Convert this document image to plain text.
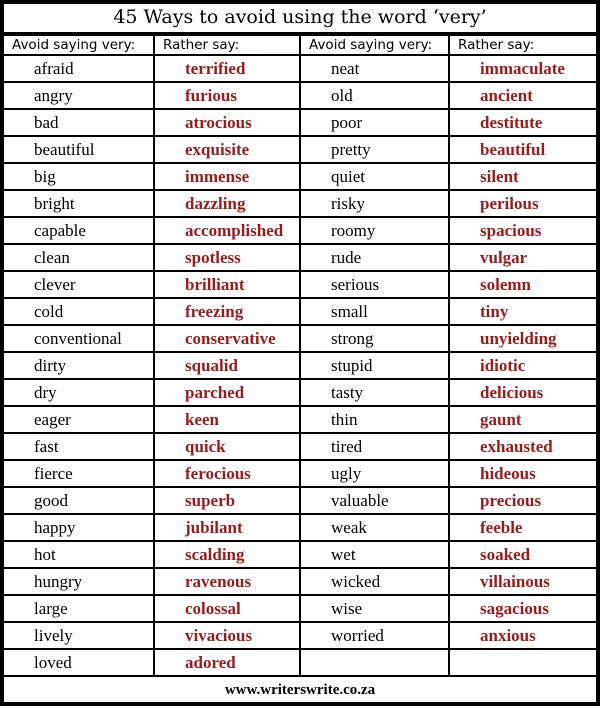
45 Ways to avoid using the word ‘very’
Avoid saying very:	Rather say:	Avoid saying very:	Rather say:
www.writerswrite.co.za
afraid	terrified	neat	immaculate
angry	furious	old	ancient
bad	atrocious	poor	destitute
beautiful	exquisite	pretty	beautiful
big	immense	quiet	silent
bright	dazzling	risky	perilous
capable	accomplished	roomy	spacious
clean	spotless	rude	vulgar
clever	brilliant	serious	solemn
cold	freezing	small	tiny
conventional	conservative	strong	unyielding
dirty	squalid	stupid	idiotic
dry	parched	tasty	delicious
eager	keen	thin	gaunt
fast	quick	tired	exhausted
fierce	ferocious	ugly	hideous
good	superb	valuable	precious
happy	jubilant	weak	feeble
hot	scalding	wet	soaked
hungry	ravenous	wicked	villainous
large	colossal	wise	sagacious
lively	vivacious	worried	anxious
loved	adored
